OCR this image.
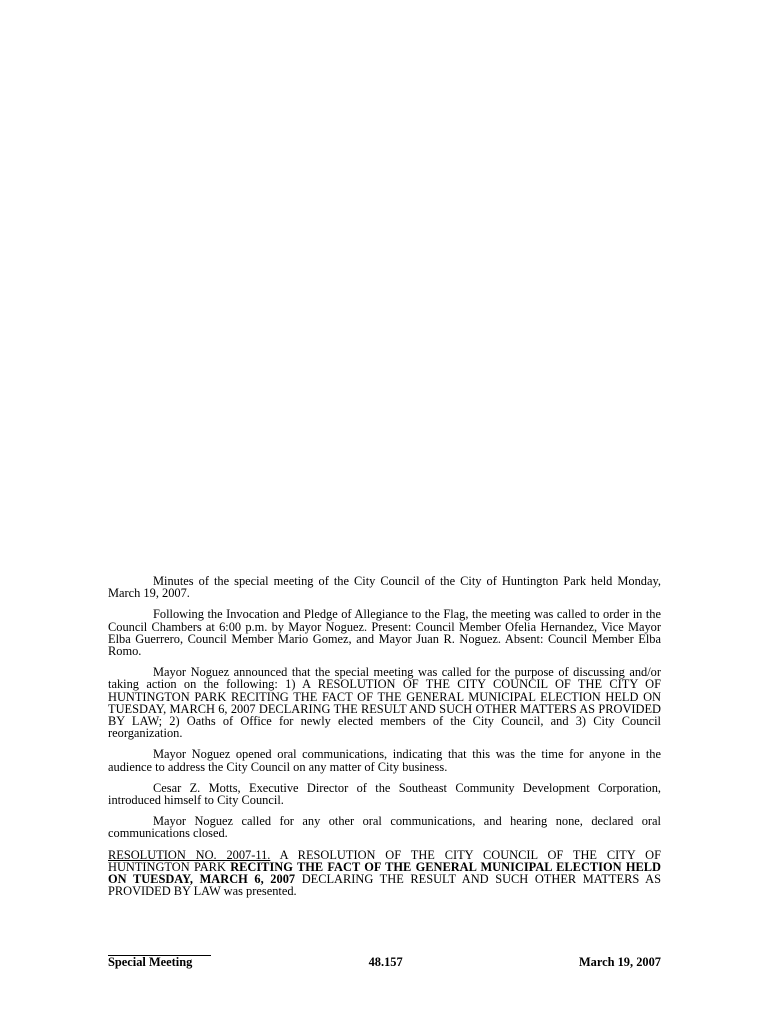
Minutes of the special meeting of the City Council of the City of Huntington Park held Monday, March 19, 2007.

Following the Invocation and Pledge of Allegiance to the Flag, the meeting was called to order in the Council Chambers at 6:00 p.m. by Mayor Noguez. Present: Council Member Ofelia Hernandez, Vice Mayor Elba Guerrero, Council Member Mario Gomez, and Mayor Juan R. Noguez. Absent: Council Member Elba Romo.

Mayor Noguez announced that the special meeting was called for the purpose of discussing and/or taking action on the following: 1) A RESOLUTION OF THE CITY COUNCIL OF THE CITY OF HUNTINGTON PARK RECITING THE FACT OF THE GENERAL MUNICIPAL ELECTION HELD ON TUESDAY, MARCH 6, 2007 DECLARING THE RESULT AND SUCH OTHER MATTERS AS PROVIDED BY LAW; 2) Oaths of Office for newly elected members of the City Council, and 3) City Council reorganization.

Mayor Noguez opened oral communications, indicating that this was the time for anyone in the audience to address the City Council on any matter of City business.

Cesar Z. Motts, Executive Director of the Southeast Community Development Corporation, introduced himself to City Council.

Mayor Noguez called for any other oral communications, and hearing none, declared oral communications closed.

RESOLUTION NO. 2007-11. A RESOLUTION OF THE CITY COUNCIL OF THE CITY OF HUNTINGTON PARK RECITING THE FACT OF THE GENERAL MUNICIPAL ELECTION HELD ON TUESDAY, MARCH 6, 2007 DECLARING THE RESULT AND SUCH OTHER MATTERS AS PROVIDED BY LAW was presented.

Special Meeting	48.157	March 19, 2007
